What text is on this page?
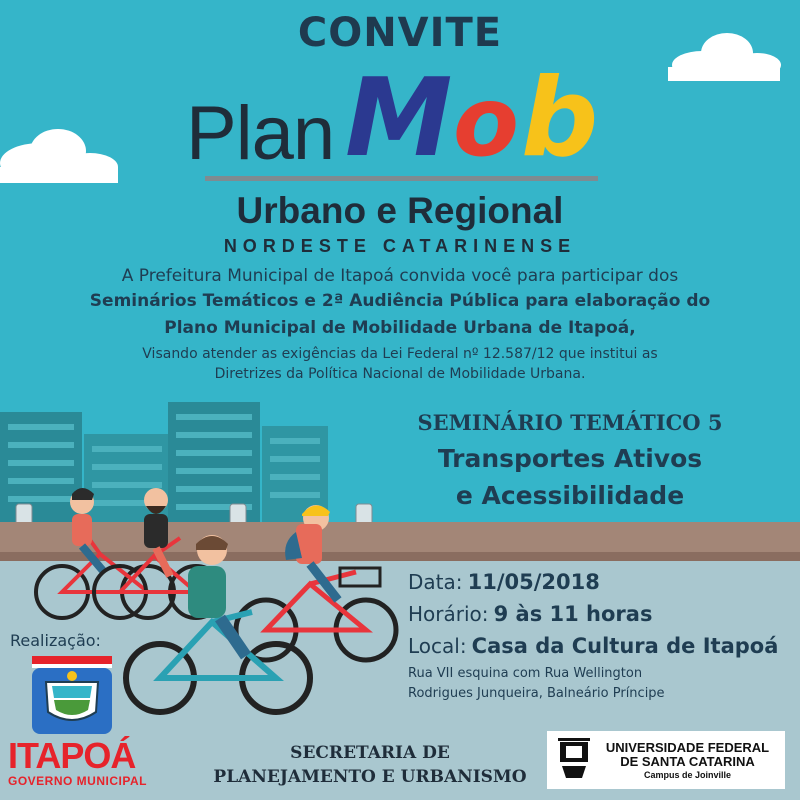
CONVITE
Plan M o b
Urbano e Regional
NORDESTE CATARINENSE
A Prefeitura Municipal de Itapoá convida você para participar dos
Seminários Temáticos e 2ª Audiência Pública para elaboração do
Plano Municipal de Mobilidade Urbana de Itapoá,
Visando atender as exigências da Lei Federal nº 12.587/12 que institui as
Diretrizes da Política Nacional de Mobilidade Urbana.
SEMINÁRIO TEMÁTICO 5
Transportes Ativos
e Acessibilidade
Data: 11/05/2018
Horário: 9 às 11 horas
Local: Casa da Cultura de Itapoá
Rua VII esquina com Rua Wellington
Rodrigues Junqueira, Balneário Príncipe
Realização:
ITAPOÁ
GOVERNO MUNICIPAL
SECRETARIA DE
PLANEJAMENTO E URBANISMO
UNIVERSIDADE FEDERAL
DE SANTA CATARINA
Campus de Joinville
